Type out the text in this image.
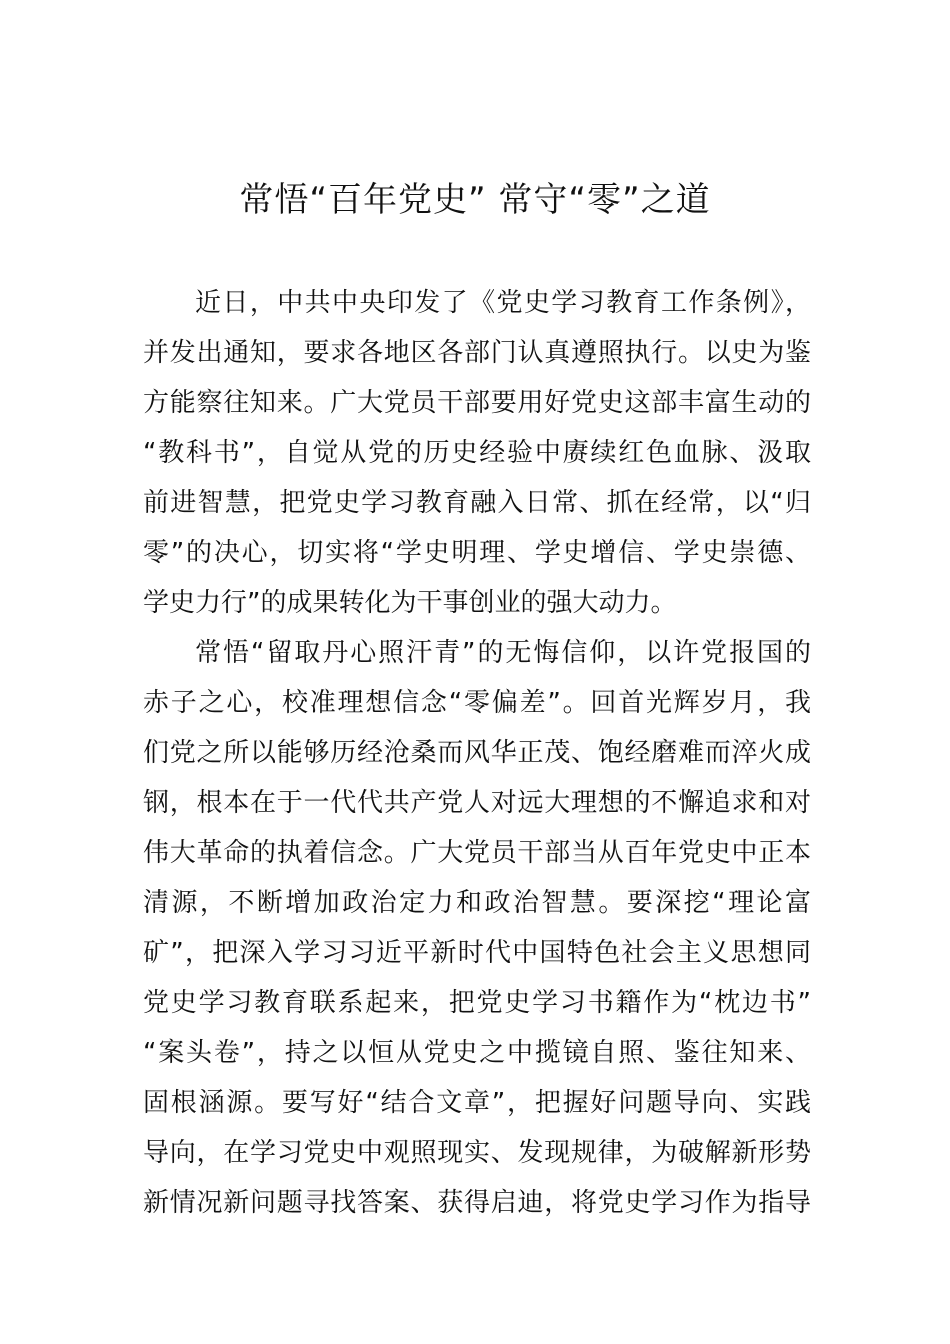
常悟“百年党史” 常守“零”之道
近日，中共中央印发了《党史学习教育工作条例》，
并发出通知，要求各地区各部门认真遵照执行。以史为鉴
方能察往知来。广大党员干部要用好党史这部丰富生动的
“教科书”，自觉从党的历史经验中赓续红色血脉、汲取
前进智慧，把党史学习教育融入日常、抓在经常，以“归
零”的决心，切实将“学史明理、学史增信、学史崇德、
学史力行”的成果转化为干事创业的强大动力。
常悟“留取丹心照汗青”的无悔信仰，以许党报国的
赤子之心，校准理想信念“零偏差”。回首光辉岁月，我
们党之所以能够历经沧桑而风华正茂、饱经磨难而淬火成
钢，根本在于一代代共产党人对远大理想的不懈追求和对
伟大革命的执着信念。广大党员干部当从百年党史中正本
清源，不断增加政治定力和政治智慧。要深挖“理论富
矿”，把深入学习习近平新时代中国特色社会主义思想同
党史学习教育联系起来，把党史学习书籍作为“枕边书”
“案头卷”，持之以恒从党史之中揽镜自照、鉴往知来、
固根涵源。要写好“结合文章”，把握好问题导向、实践
导向，在学习党史中观照现实、发现规律，为破解新形势
新情况新问题寻找答案、获得启迪，将党史学习作为指导
